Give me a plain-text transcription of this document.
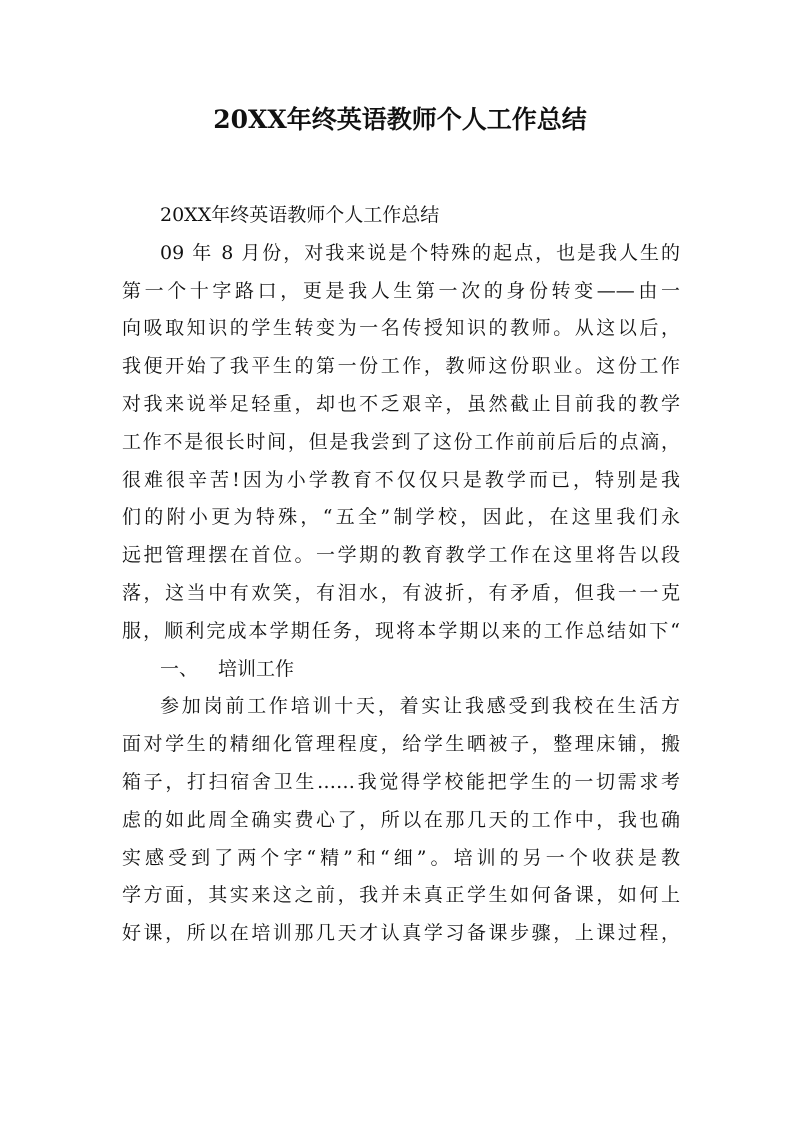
20XX年终英语教师个人工作总结
20XX年终英语教师个人工作总结
09 年 8 月份，对我来说是个特殊的起点，也是我人生的
第一个十字路口，更是我人生第一次的身份转变——由一
向吸取知识的学生转变为一名传授知识的教师。从这以后，
我便开始了我平生的第一份工作，教师这份职业。这份工作
对我来说举足轻重，却也不乏艰辛，虽然截止目前我的教学
工作不是很长时间，但是我尝到了这份工作前前后后的点滴，
很难很辛苦!因为小学教育不仅仅只是教学而已，特别是我
们的附小更为特殊，“五全”制学校，因此，在这里我们永
远把管理摆在首位。一学期的教育教学工作在这里将告以段
落，这当中有欢笑，有泪水，有波折，有矛盾，但我一一克
服，顺利完成本学期任务，现将本学期以来的工作总结如下“
一、	培训工作
参加岗前工作培训十天，着实让我感受到我校在生活方
面对学生的精细化管理程度，给学生晒被子，整理床铺，搬
箱子，打扫宿舍卫生……我觉得学校能把学生的一切需求考
虑的如此周全确实费心了，所以在那几天的工作中，我也确
实感受到了两个字“精”和“细”。培训的另一个收获是教
学方面，其实来这之前，我并未真正学生如何备课，如何上
好课，所以在培训那几天才认真学习备课步骤，上课过程，
